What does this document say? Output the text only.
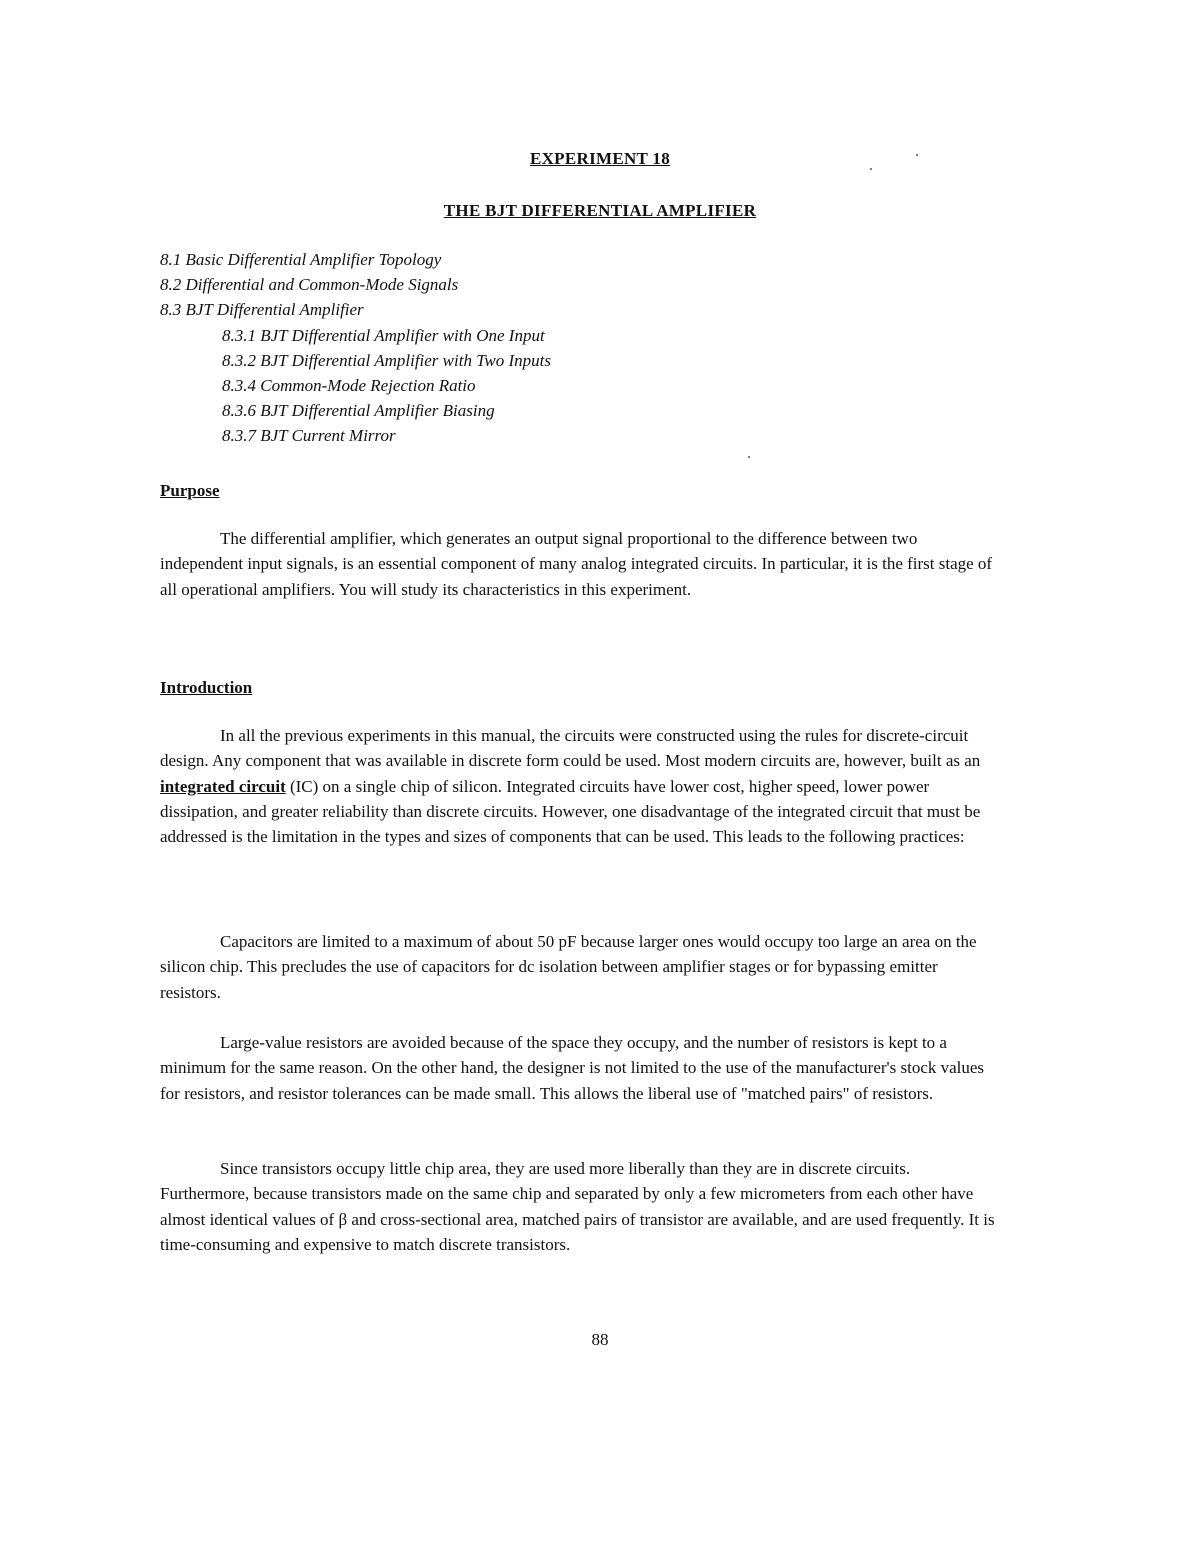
EXPERIMENT 18
THE BJT DIFFERENTIAL AMPLIFIER
8.1 Basic Differential Amplifier Topology
8.2 Differential and Common-Mode Signals
8.3 BJT Differential Amplifier
8.3.1 BJT Differential Amplifier with One Input
8.3.2 BJT Differential Amplifier with Two Inputs
8.3.4 Common-Mode Rejection Ratio
8.3.6 BJT Differential Amplifier Biasing
8.3.7 BJT Current Mirror
Purpose

The differential amplifier, which generates an output signal proportional to the difference between two independent input signals, is an essential component of many analog integrated circuits. In particular, it is the first stage of all operational amplifiers. You will study its characteristics in this experiment.

Introduction

In all the previous experiments in this manual, the circuits were constructed using the rules for discrete-circuit design. Any component that was available in discrete form could be used. Most modern circuits are, however, built as an integrated circuit (IC) on a single chip of silicon. Integrated circuits have lower cost, higher speed, lower power dissipation, and greater reliability than discrete circuits. However, one disadvantage of the integrated circuit that must be addressed is the limitation in the types and sizes of components that can be used. This leads to the following practices:

Capacitors are limited to a maximum of about 50 pF because larger ones would occupy too large an area on the silicon chip. This precludes the use of capacitors for dc isolation between amplifier stages or for bypassing emitter resistors.

Large-value resistors are avoided because of the space they occupy, and the number of resistors is kept to a minimum for the same reason. On the other hand, the designer is not limited to the use of the manufacturer's stock values for resistors, and resistor tolerances can be made small. This allows the liberal use of "matched pairs" of resistors.

Since transistors occupy little chip area, they are used more liberally than they are in discrete circuits. Furthermore, because transistors made on the same chip and separated by only a few micrometers from each other have almost identical values of β and cross-sectional area, matched pairs of transistor are available, and are used frequently. It is time-consuming and expensive to match discrete transistors.

88
